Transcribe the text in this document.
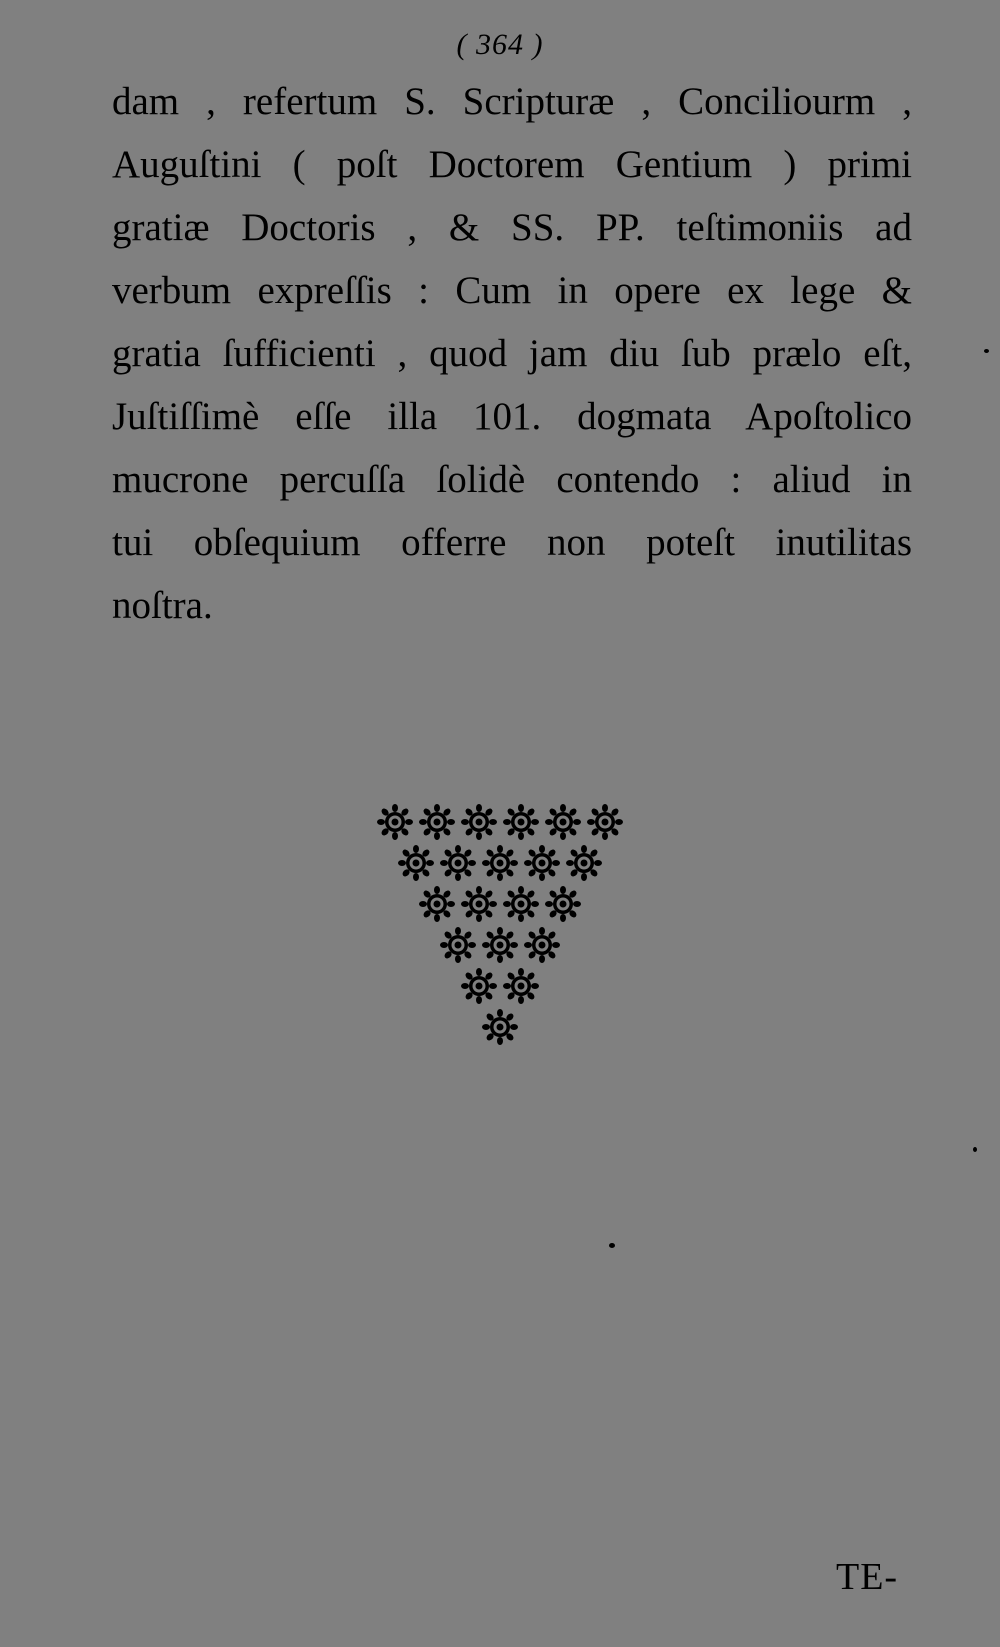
( 364 )
dam , refertum S. Scripturæ , Conciliourm ,
Auguſtini ( poſt Doctorem Gentium ) primi
gratiæ Doctoris , & SS. PP. teſtimoniis ad
verbum expreſſis : Cum in opere ex lege &
gratia ſufficienti , quod jam diu ſub prælo eſt,
Juſtiſſimè eſſe illa 101. dogmata Apoſtolico
mucrone percuſſa ſolidè contendo : aliud in
tui obſequium offerre non poteſt inutilitas
noſtra.
TE-
